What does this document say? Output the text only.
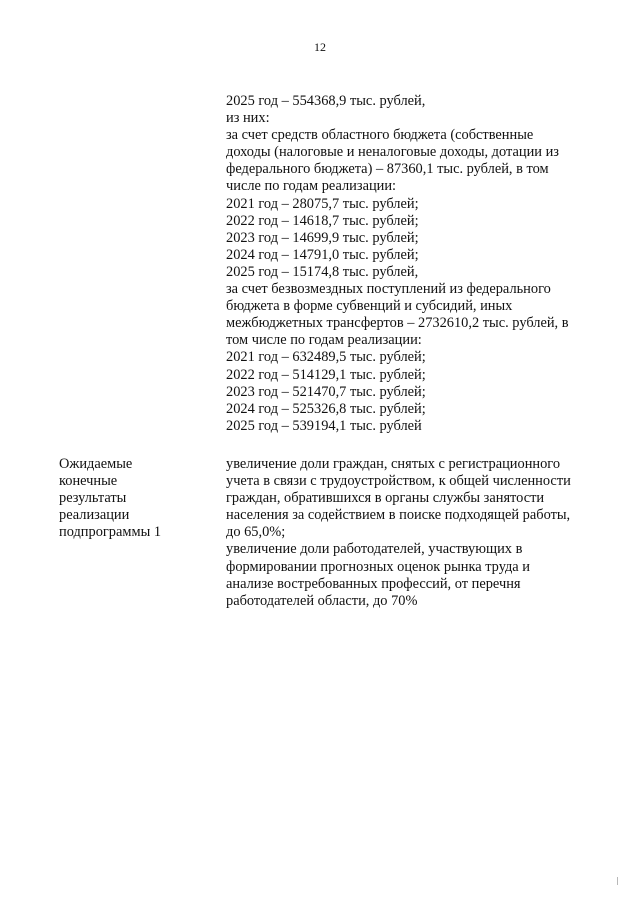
12
2025 год – 554368,9 тыс. рублей,
из них:
за счет средств областного бюджета (собственные
доходы (налоговые и неналоговые доходы, дотации из
федерального бюджета) – 87360,1 тыс. рублей, в том
числе по годам реализации:
2021 год – 28075,7 тыс. рублей;
2022 год – 14618,7 тыс. рублей;
2023 год – 14699,9 тыс. рублей;
2024 год – 14791,0 тыс. рублей;
2025 год – 15174,8 тыс. рублей,
за счет безвозмездных поступлений из федерального
бюджета в форме субвенций и субсидий, иных
межбюджетных трансфертов – 2732610,2 тыс. рублей, в
том числе по годам реализации:
2021 год – 632489,5 тыс. рублей;
2022 год – 514129,1 тыс. рублей;
2023 год – 521470,7 тыс. рублей;
2024 год – 525326,8 тыс. рублей;
2025 год – 539194,1 тыс. рублей
Ожидаемые
конечные
результаты
реализации
подпрограммы 1
увеличение доли граждан, снятых с регистрационного
учета в связи с трудоустройством, к общей численности
граждан, обратившихся в органы службы занятости
населения за содействием в поиске подходящей работы,
до 65,0%;
увеличение доли работодателей, участвующих в
формировании прогнозных оценок рынка труда и
анализе востребованных профессий, от перечня
работодателей области, до 70%
